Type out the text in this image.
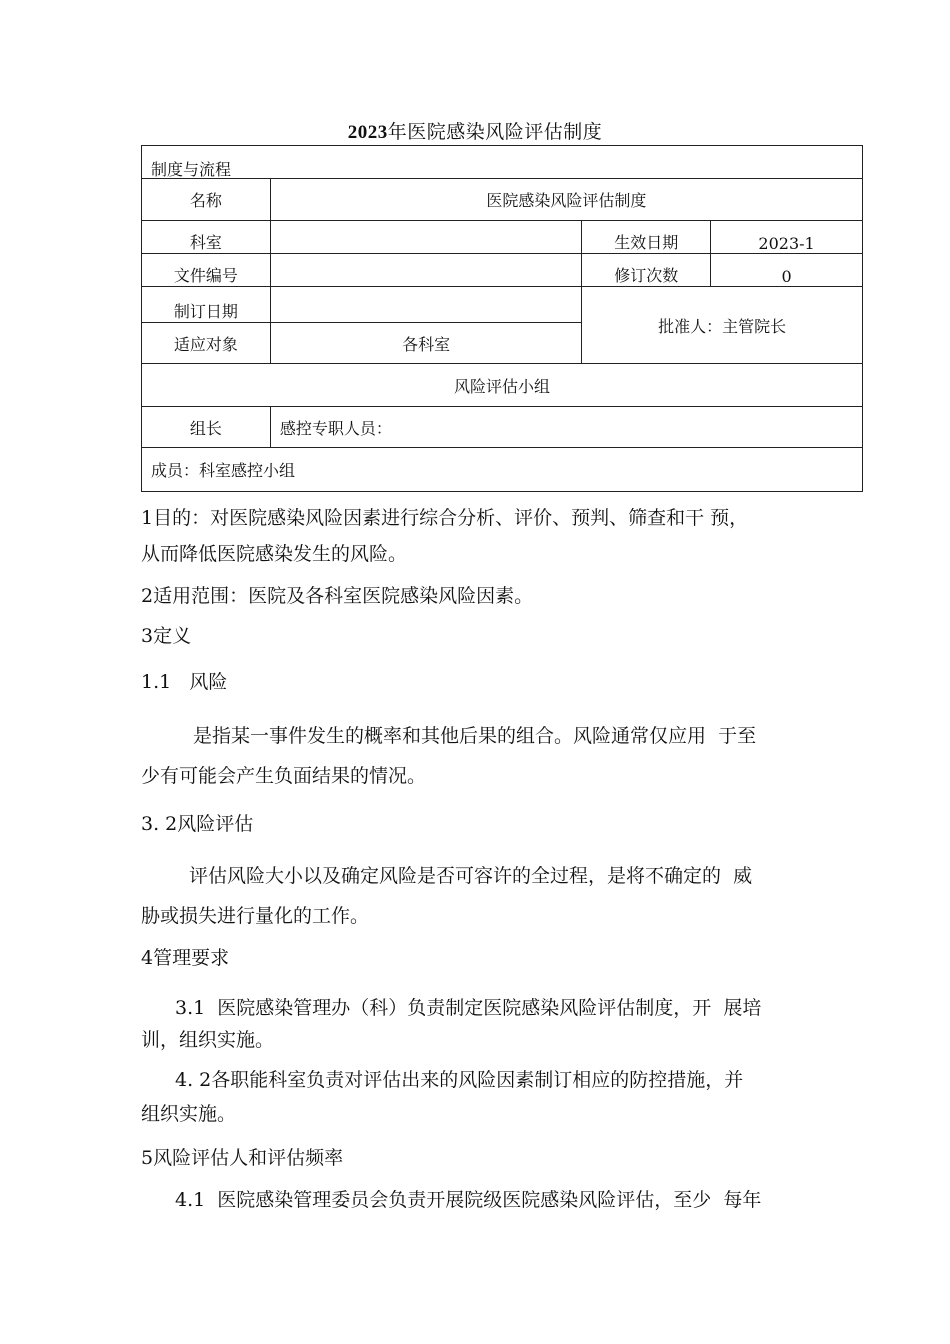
2023年医院感染风险评估制度
制度与流程			
名称	医院感染风险评估制度		
科室		生效日期	2023-1
文件编号		修订次数	0
制订日期		批准人：主管院长	
适应对象	各科室		
风险评估小组			
组长	感控专职人员：		
成员：科室感控小组			
1目的：对医院感染风险因素进行综合分析、评价、预判、筛查和干 预，
从而降低医院感染发生的风险。
2适用范围：医院及各科室医院感染风险因素。
3定义
1.1   风险
是指某一事件发生的概率和其他后果的组合。风险通常仅应用  于至
少有可能会产生负面结果的情况。
3. 2风险评估
评估风险大小以及确定风险是否可容许的全过程，是将不确定的  威
胁或损失进行量化的工作。
4管理要求
3.1  医院感染管理办（科）负责制定医院感染风险评估制度，开  展培
训，组织实施。
4. 2各职能科室负责对评估出来的风险因素制订相应的防控措施，并
组织实施。
5风险评估人和评估频率
4.1  医院感染管理委员会负责开展院级医院感染风险评估，至少  每年
